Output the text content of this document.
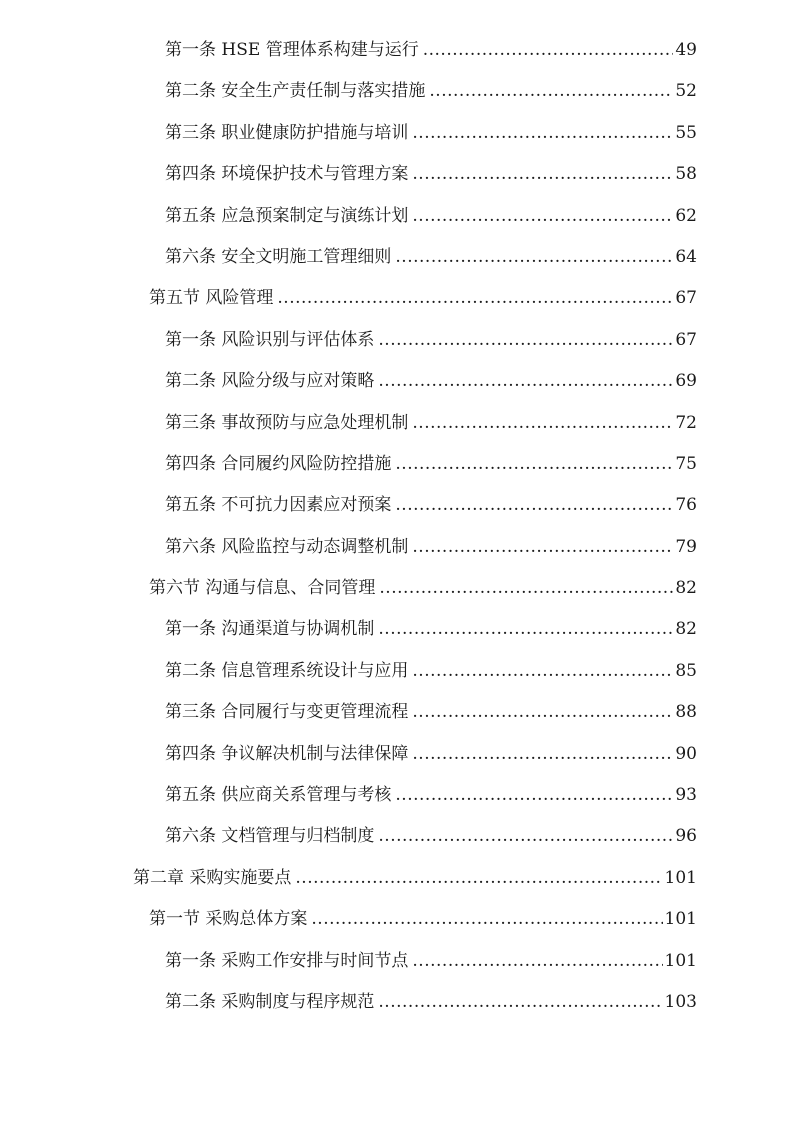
第一条 HSE 管理体系构建与运行 .....	49
第二条 安全生产责任制与落实措施 .....	52
第三条 职业健康防护措施与培训 .....	55
第四条 环境保护技术与管理方案 .....	58
第五条 应急预案制定与演练计划 .....	62
第六条 安全文明施工管理细则 .....	64
第五节 风险管理 .....	67
第一条 风险识别与评估体系 .....	67
第二条 风险分级与应对策略 .....	69
第三条 事故预防与应急处理机制 .....	72
第四条 合同履约风险防控措施 .....	75
第五条 不可抗力因素应对预案 .....	76
第六条 风险监控与动态调整机制 .....	79
第六节 沟通与信息、合同管理 .....	82
第一条 沟通渠道与协调机制 .....	82
第二条 信息管理系统设计与应用 .....	85
第三条 合同履行与变更管理流程 .....	88
第四条 争议解决机制与法律保障 .....	90
第五条 供应商关系管理与考核 .....	93
第六条 文档管理与归档制度 .....	96
第二章 采购实施要点 .....	101
第一节 采购总体方案 .....	101
第一条 采购工作安排与时间节点 .....	101
第二条 采购制度与程序规范 .....	103
